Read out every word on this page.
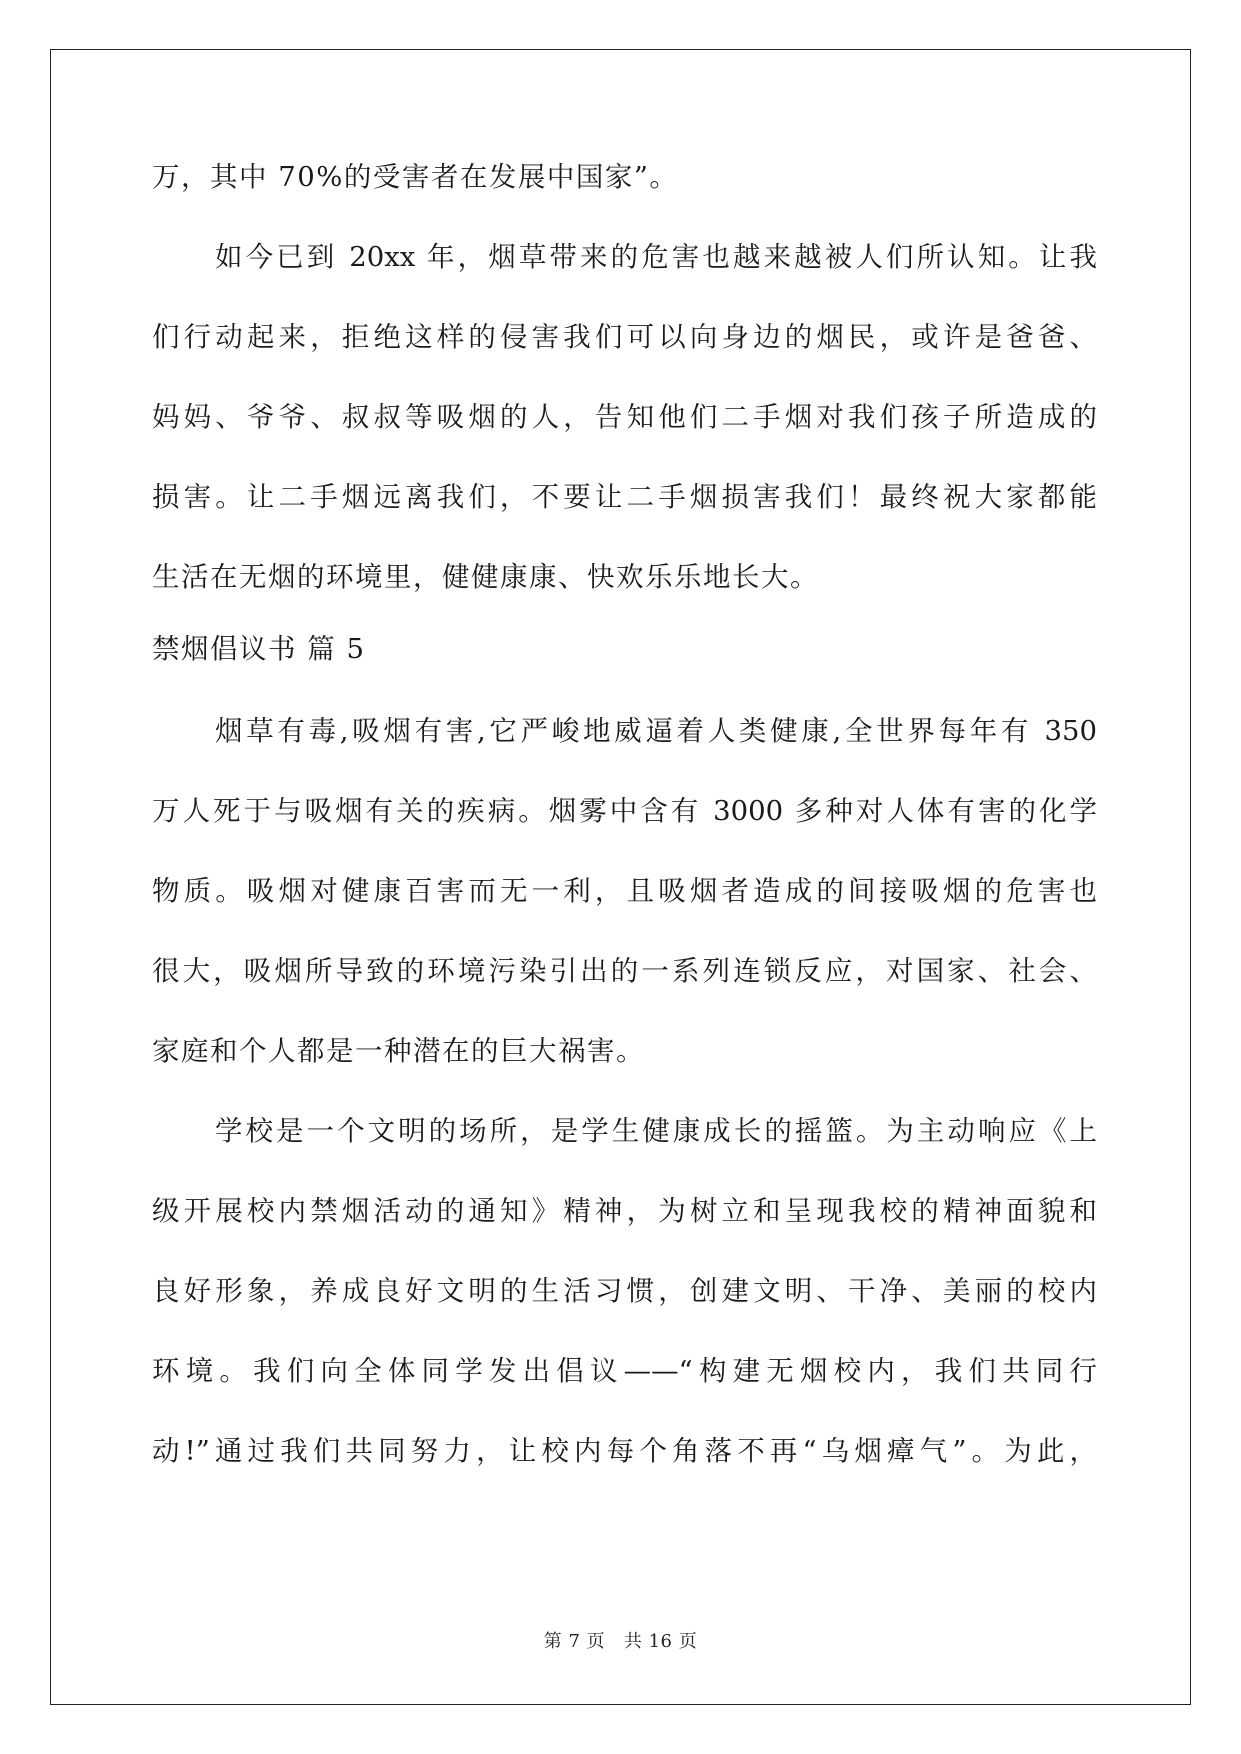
万，其中 70%的受害者在发展中国家”。
如今已到 20xx 年，烟草带来的危害也越来越被人们所认知。让我
们行动起来，拒绝这样的侵害我们可以向身边的烟民，或许是爸爸、
妈妈、爷爷、叔叔等吸烟的人，告知他们二手烟对我们孩子所造成的
损害。让二手烟远离我们，不要让二手烟损害我们！最终祝大家都能
生活在无烟的环境里，健健康康、快欢乐乐地长大。
禁烟倡议书 篇 5
烟草有毒,吸烟有害,它严峻地威逼着人类健康,全世界每年有 350
万人死于与吸烟有关的疾病。烟雾中含有 3000 多种对人体有害的化学
物质。吸烟对健康百害而无一利，且吸烟者造成的间接吸烟的危害也
很大，吸烟所导致的环境污染引出的一系列连锁反应，对国家、社会、
家庭和个人都是一种潜在的巨大祸害。
学校是一个文明的场所，是学生健康成长的摇篮。为主动响应《上
级开展校内禁烟活动的通知》精神，为树立和呈现我校的精神面貌和
良好形象，养成良好文明的生活习惯，创建文明、干净、美丽的校内
环境。我们向全体同学发出倡议——“构建无烟校内，我们共同行
动!”通过我们共同努力，让校内每个角落不再“乌烟瘴气”。为此，
第 7 页 共 16 页
